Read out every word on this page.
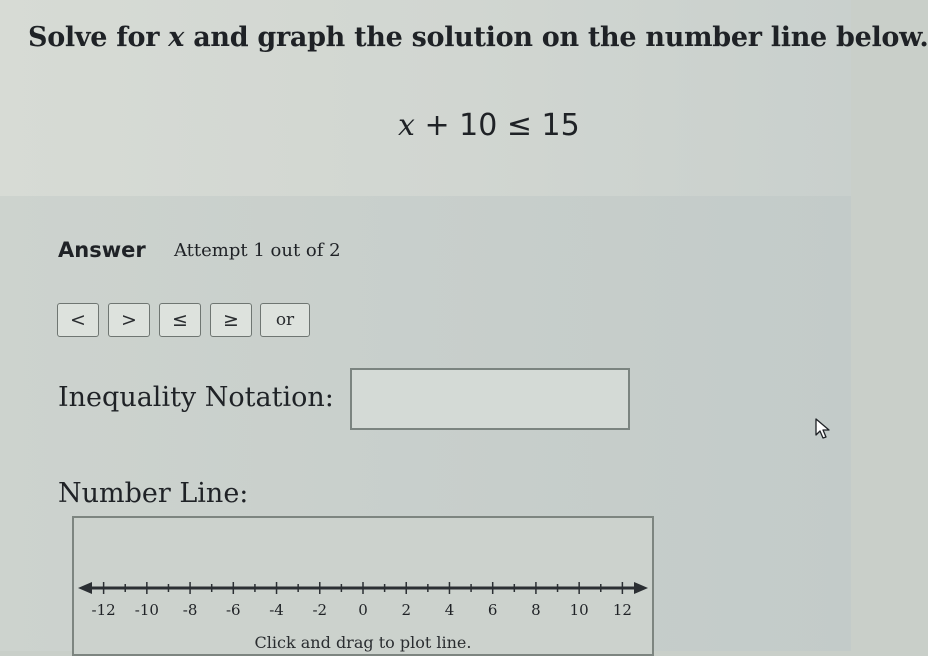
Solve for x and graph the solution on the number line below.
x + 10 ≤ 15
Answer Attempt 1 out of 2
<	>	≤	≥	or
Inequality Notation:
Number Line:
-12 -10 -8 -6 -4 -2 0 2 4 6 8 10 12
Click and drag to plot line.
